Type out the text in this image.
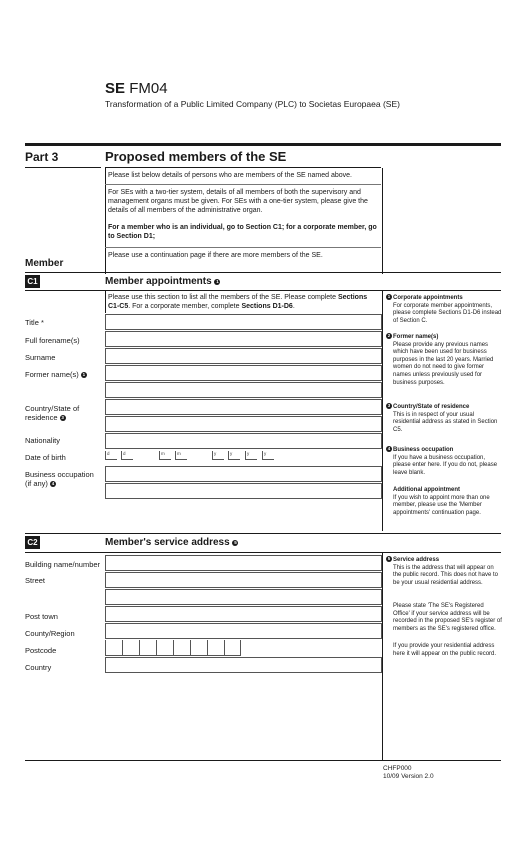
SE FM04
Transformation of a Public Limited Company (PLC) to Societas Europaea (SE)
Part 3	Proposed members of the SE
Please list below details of persons who are members of the SE named above.
For SEs with a two-tier system, details of all members of both the supervisory and management organs must be given. For SEs with a one-tier system, please give the details of all members of the administrative organ.
For a member who is an individual, go to Section C1; for a corporate member, go to Section D1;
Please use a continuation page if there are more members of the SE.
Member
C1	Member appointments 1
Please use this section to list all the members of the SE. Please complete Sections C1-C5. For a corporate member, complete Sections D1-D6.
Title *
Full forename(s)
Surname
Former name(s) 1
Country/State of
residence 3
Nationality
Date of birth
Business occupation
(if any) 4
d	d	m	m	y	y	y	y
1 Corporate appointments
For corporate member appointments, please complete Sections D1-D6 instead of Section C.
2 Former name(s)
Please provide any previous names which have been used for business purposes in the last 20 years. Married women do not need to give former names unless previously used for business purposes.
3 Country/State of residence
This is in respect of your usual residential address as stated in Section C5.
4 Business occupation
If you have a business occupation, please enter here. If you do not, please leave blank.
Additional appointment
If you wish to appoint more than one member, please use the 'Member appointments' continuation page.
C2	Member's service address 5
Building name/number
Street
Post town
County/Region
Postcode
Country
5 Service address
This is the address that will appear on the public record. This does not have to be your usual residential address.
Please state 'The SE's Registered Office' if your service address will be recorded in the proposed SE's register of members as the SE's registered office.
If you provide your residential address here it will appear on the public record.
CHFP000
10/09 Version 2.0
